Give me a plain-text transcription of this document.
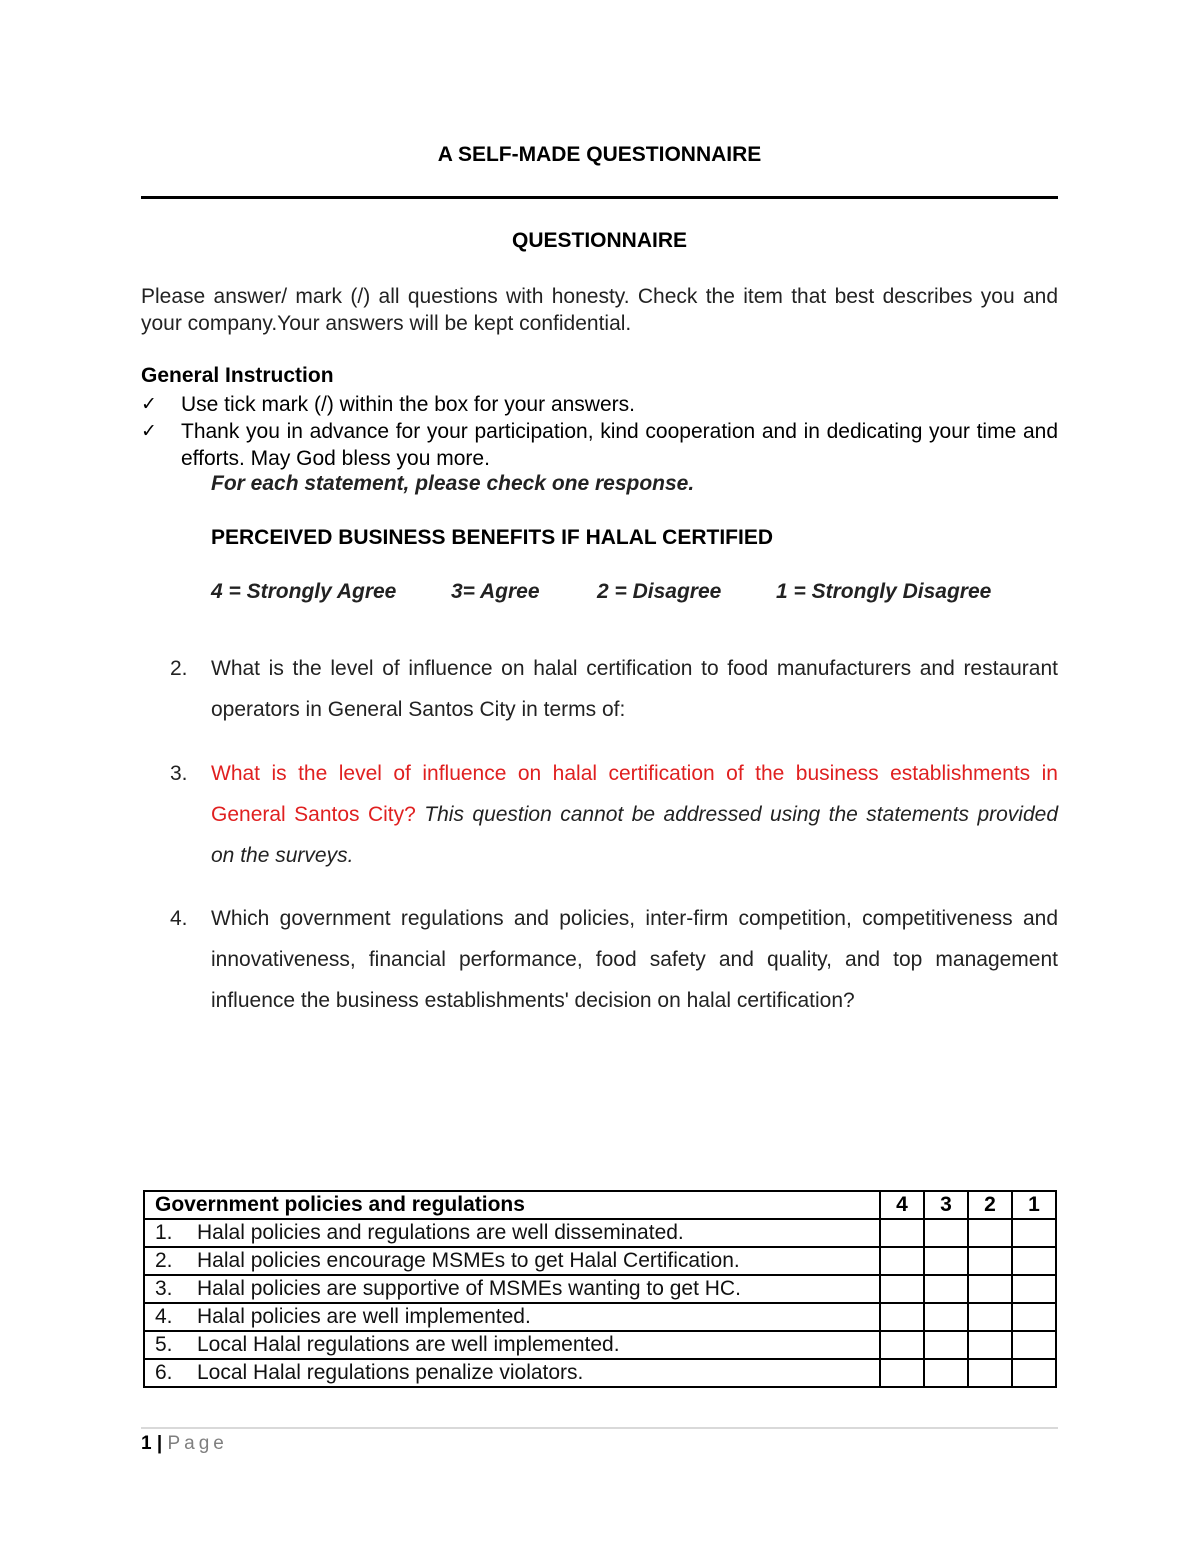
A SELF-MADE QUESTIONNAIRE
QUESTIONNAIRE
Please answer/ mark (/) all questions with honesty. Check the item that best describes you and your company.Your answers will be kept confidential.
General Instruction
✓ Use tick mark (/) within the box for your answers.
✓ Thank you in advance for your participation, kind cooperation and in dedicating your time and efforts. May God bless you more.
For each statement, please check one response.
PERCEIVED BUSINESS BENEFITS IF HALAL CERTIFIED
4 = Strongly Agree	3= Agree	2 = Disagree	1 = Strongly Disagree
2.	What is the level of influence on halal certification to food manufacturers and restaurant operators in General Santos City in terms of:
3.	What is the level of influence on halal certification of the business establishments in General Santos City? This question cannot be addressed using the statements provided on the surveys.
4.	Which government regulations and policies, inter-firm competition, competitiveness and innovativeness, financial performance, food safety and quality, and top management influence the business establishments' decision on halal certification?
Government policies and regulations	4	3	2	1
1. Halal policies and regulations are well disseminated.				
2. Halal policies encourage MSMEs to get Halal Certification.				
3. Halal policies are supportive of MSMEs wanting to get HC.				
4. Halal policies are well implemented.				
5. Local Halal regulations are well implemented.				
6. Local Halal regulations penalize violators.				
1 | Page
